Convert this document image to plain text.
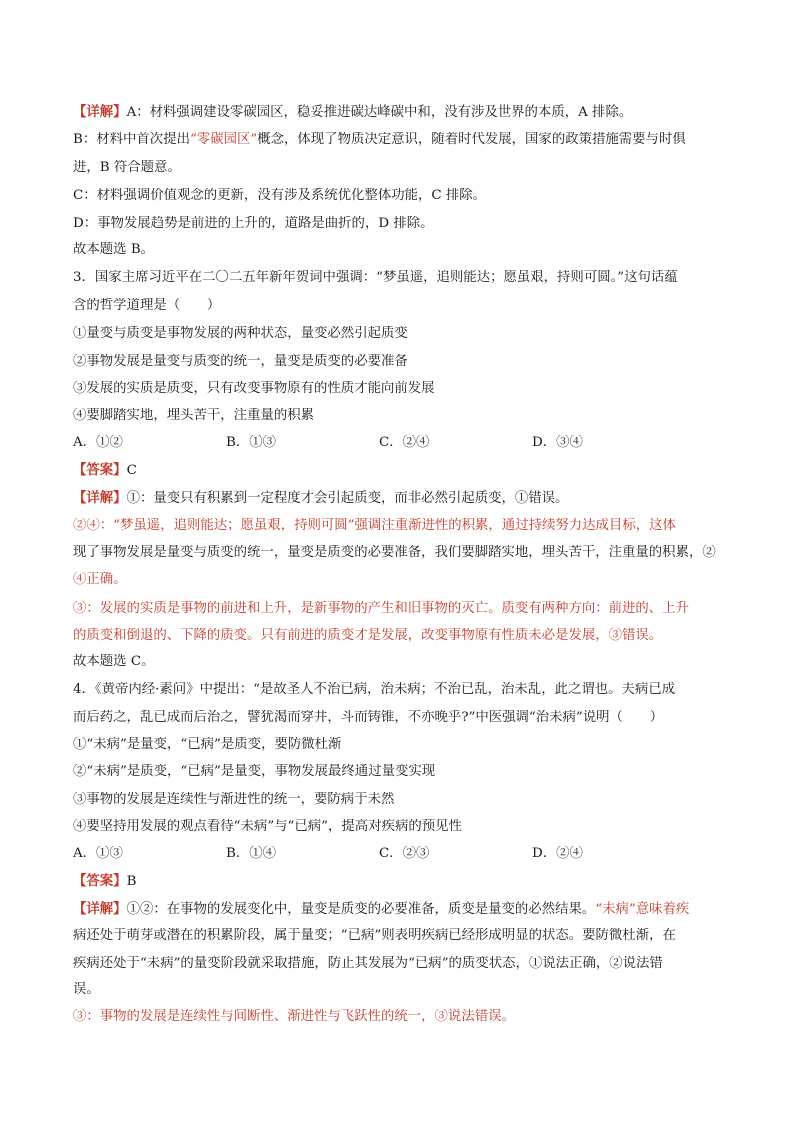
【详解】A：材料强调建设零碳园区，稳妥推进碳达峰碳中和，没有涉及世界的本质，A 排除。
B：材料中首次提出“零碳园区”概念，体现了物质决定意识，随着时代发展，国家的政策措施需要与时俱
进，B 符合题意。
C：材料强调价值观念的更新，没有涉及系统优化整体功能，C 排除。
D：事物发展趋势是前进的上升的，道路是曲折的，D 排除。
故本题选 B。
3．国家主席习近平在二〇二五年新年贺词中强调：“梦虽遥，追则能达；愿虽艰，持则可圆。”这句话蕴
含的哲学道理是（　　）
①量变与质变是事物发展的两种状态，量变必然引起质变
②事物发展是量变与质变的统一，量变是质变的必要准备
③发展的实质是质变，只有改变事物原有的性质才能向前发展
④要脚踏实地，埋头苦干，注重量的积累
A．①②	B．①③	C．②④	D．③④
【答案】C
【详解】①：量变只有积累到一定程度才会引起质变，而非必然引起质变，①错误。
②④：“梦虽遥，追则能达；愿虽艰，持则可圆”强调注重渐进性的积累，通过持续努力达成目标，这体
现了事物发展是量变与质变的统一，量变是质变的必要准备，我们要脚踏实地，埋头苦干，注重量的积累，②
④正确。
③：发展的实质是事物的前进和上升，是新事物的产生和旧事物的灭亡。质变有两种方向：前进的、上升
的质变和倒退的、下降的质变。只有前进的质变才是发展，改变事物原有性质未必是发展，③错误。
故本题选 C。
4．《黄帝内经·素问》中提出：“是故圣人不治已病，治未病；不治已乱，治未乱，此之谓也。夫病已成
而后药之，乱已成而后治之，譬犹渴而穿井，斗而铸锥，不亦晚乎?”中医强调“治未病”说明（　　）
①“未病”是量变，“已病”是质变，要防微杜渐
②“未病”是质变，“已病”是量变，事物发展最终通过量变实现
③事物的发展是连续性与渐进性的统一，要防病于未然
④要坚持用发展的观点看待“未病”与“已病”，提高对疾病的预见性
A．①③	B．①④	C．②③	D．②④
【答案】B
【详解】①②：在事物的发展变化中，量变是质变的必要准备，质变是量变的必然结果。“未病”意味着疾
病还处于萌芽或潜在的积累阶段，属于量变；“已病”则表明疾病已经形成明显的状态。要防微杜渐，在
疾病还处于“未病”的量变阶段就采取措施，防止其发展为“已病”的质变状态，①说法正确，②说法错
误。
③：事物的发展是连续性与间断性、渐进性与飞跃性的统一，③说法错误。
